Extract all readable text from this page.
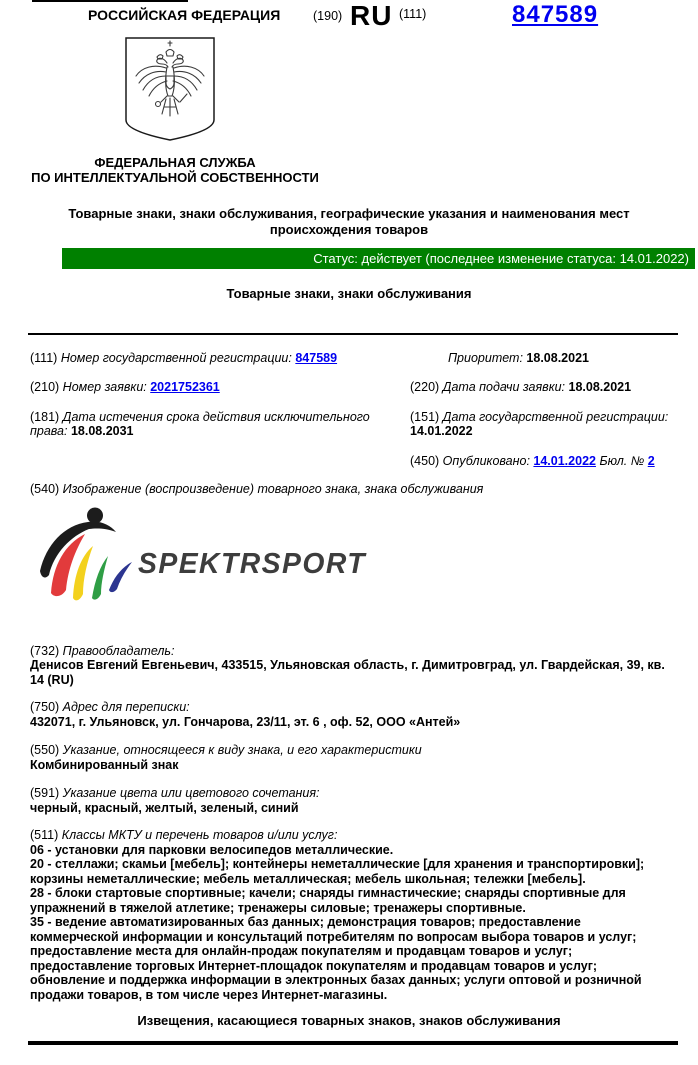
РОССИЙСКАЯ ФЕДЕРАЦИЯ	(190) RU (111)	847589
ФЕДЕРАЛЬНАЯ СЛУЖБА
ПО ИНТЕЛЛЕКТУАЛЬНОЙ СОБСТВЕННОСТИ
Товарные знаки, знаки обслуживания, географические указания и наименования мест происхождения товаров
Статус: действует (последнее изменение статуса: 14.01.2022)
Товарные знаки, знаки обслуживания
(111) Номер государственной регистрации: 847589	Приоритет: 18.08.2021
(210) Номер заявки: 2021752361	(220) Дата подачи заявки: 18.08.2021
(181) Дата истечения срока действия исключительного права: 18.08.2031
(151) Дата государственной регистрации: 14.01.2022
(450) Опубликовано: 14.01.2022 Бюл. № 2
(540) Изображение (воспроизведение) товарного знака, знака обслуживания
SPEKTRSPORT
(732) Правообладатель:
Денисов Евгений Евгеньевич, 433515, Ульяновская область, г. Димитровград, ул. Гвардейская, 39, кв. 14 (RU)
(750) Адрес для переписки:
432071, г. Ульяновск, ул. Гончарова, 23/11, эт. 6 , оф. 52, ООО «Антей»
(550) Указание, относящееся к виду знака, и его характеристики
Комбинированный знак
(591) Указание цвета или цветового сочетания:
черный, красный, желтый, зеленый, синий
(511) Классы МКТУ и перечень товаров и/или услуг:
06 - установки для парковки велосипедов металлические.
20 - стеллажи; скамьи [мебель]; контейнеры неметаллические [для хранения и транспортировки]; корзины неметаллические; мебель металлическая; мебель школьная; тележки [мебель].
28 - блоки стартовые спортивные; качели; снаряды гимнастические; снаряды спортивные для упражнений в тяжелой атлетике; тренажеры силовые; тренажеры спортивные.
35 - ведение автоматизированных баз данных; демонстрация товаров; предоставление коммерческой информации и консультаций потребителям по вопросам выбора товаров и услуг; предоставление места для онлайн-продаж покупателям и продавцам товаров и услуг; предоставление торговых Интернет-площадок покупателям и продавцам товаров и услуг; обновление и поддержка информации в электронных базах данных; услуги оптовой и розничной продажи товаров, в том числе через Интернет-магазины.
Извещения, касающиеся товарных знаков, знаков обслуживания
